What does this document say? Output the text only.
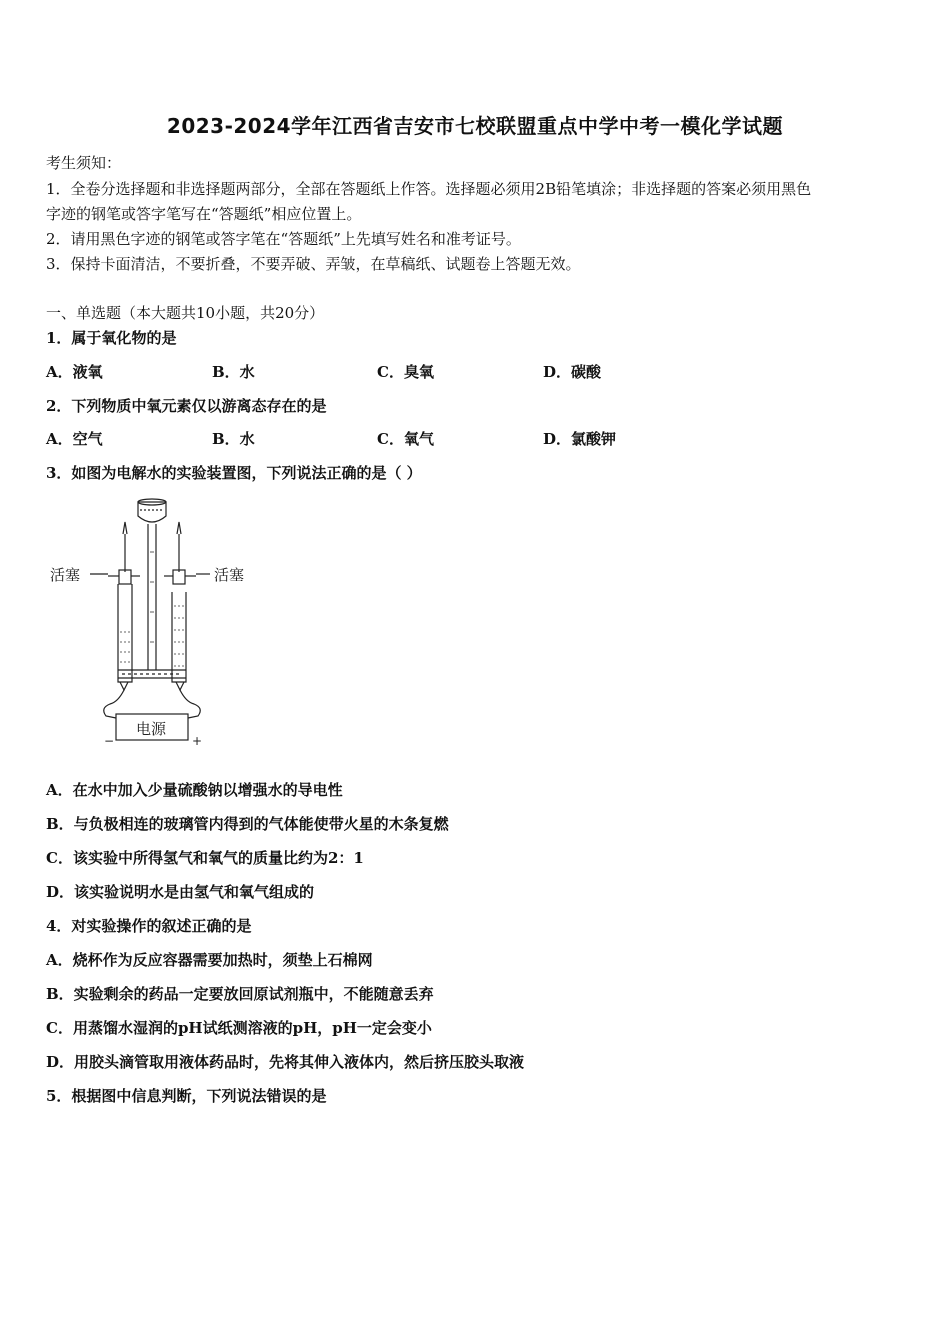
2023-2024学年江西省吉安市七校联盟重点中学中考一模化学试题
考生须知：
1．全卷分选择题和非选择题两部分，全部在答题纸上作答。选择题必须用2B铅笔填涂；非选择题的答案必须用黑色
字迹的钢笔或答字笔写在“答题纸”相应位置上。
2．请用黑色字迹的钢笔或答字笔在“答题纸”上先填写姓名和准考证号。
3．保持卡面清洁，不要折叠，不要弄破、弄皱，在草稿纸、试题卷上答题无效。
一、单选题（本大题共10小题，共20分）
1．属于氧化物的是
A．液氧	B．水	C．臭氧	D．碳酸
2．下列物质中氧元素仅以游离态存在的是
A．空气	B．水	C．氧气	D．氯酸钾
3．如图为电解水的实验装置图，下列说法正确的是（ ）
活塞	活塞
电源
−	+
A．在水中加入少量硫酸钠以增强水的导电性
B．与负极相连的玻璃管内得到的气体能使带火星的木条复燃
C．该实验中所得氢气和氧气的质量比约为2：1
D．该实验说明水是由氢气和氧气组成的
4．对实验操作的叙述正确的是
A．烧杯作为反应容器需要加热时，须垫上石棉网
B．实验剩余的药品一定要放回原试剂瓶中，不能随意丢弃
C．用蒸馏水湿润的pH试纸测溶液的pH，pH一定会变小
D．用胶头滴管取用液体药品时，先将其伸入液体内，然后挤压胶头取液
5．根据图中信息判断，下列说法错误的是
